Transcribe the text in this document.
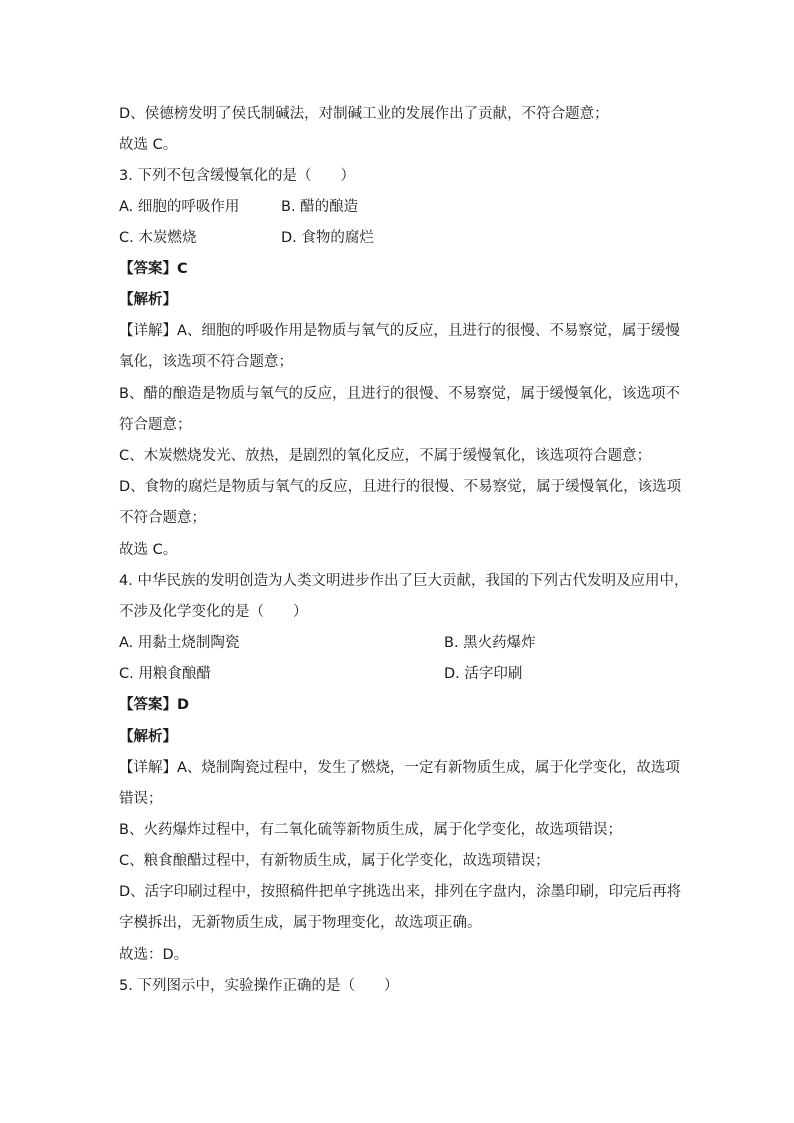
D、侯德榜发明了侯氏制碱法，对制碱工业的发展作出了贡献，不符合题意；
故选 C。
3. 下列不包含缓慢氧化的是（　　）
A. 细胞的呼吸作用	B. 醋的酿造
C. 木炭燃烧	D. 食物的腐烂
【答案】C
【解析】
【详解】A、细胞的呼吸作用是物质与氧气的反应，且进行的很慢、不易察觉，属于缓慢
氧化，该选项不符合题意；
B、醋的酿造是物质与氧气的反应，且进行的很慢、不易察觉，属于缓慢氧化，该选项不
符合题意；
C、木炭燃烧发光、放热，是剧烈的氧化反应，不属于缓慢氧化，该选项符合题意；
D、食物的腐烂是物质与氧气的反应，且进行的很慢、不易察觉，属于缓慢氧化，该选项
不符合题意；
故选 C。
4. 中华民族的发明创造为人类文明进步作出了巨大贡献，我国的下列古代发明及应用中，
不涉及化学变化的是（　　）
A. 用黏土烧制陶瓷	B. 黑火药爆炸
C. 用粮食酿醋	D. 活字印刷
【答案】D
【解析】
【详解】A、烧制陶瓷过程中，发生了燃烧，一定有新物质生成，属于化学变化，故选项
错误；
B、火药爆炸过程中，有二氧化硫等新物质生成，属于化学变化，故选项错误；
C、粮食酿醋过程中，有新物质生成，属于化学变化，故选项错误；
D、活字印刷过程中，按照稿件把单字挑选出来，排列在字盘内，涂墨印刷，印完后再将
字模拆出，无新物质生成，属于物理变化，故选项正确。
故选：D。
5. 下列图示中，实验操作正确的是（　　）
